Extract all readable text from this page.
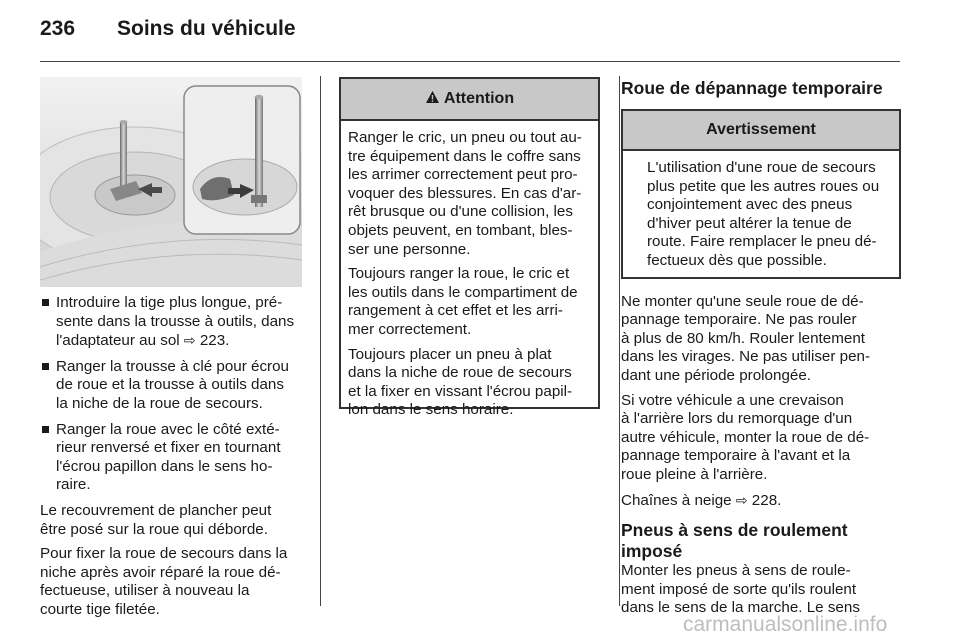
236 Soins du véhicule
Introduire la tige plus longue, pré-
sente dans la trousse à outils, dans
l'adaptateur au sol ⇨ 223.
Ranger la trousse à clé pour écrou
de roue et la trousse à outils dans
la niche de la roue de secours.
Ranger la roue avec le côté exté-
rieur renversé et fixer en tournant
l'écrou papillon dans le sens ho-
raire.

Le recouvrement de plancher peut
être posé sur la roue qui déborde.

Pour fixer la roue de secours dans la
niche après avoir réparé la roue dé-
fectueuse, utiliser à nouveau la
courte tige filetée.

Attention

Ranger le cric, un pneu ou tout au-
tre équipement dans le coffre sans
les arrimer correctement peut pro-
voquer des blessures. En cas d'ar-
rêt brusque ou d'une collision, les
objets peuvent, en tombant, bles-
ser une personne.

Toujours ranger la roue, le cric et
les outils dans le compartiment de
rangement à cet effet et les arri-
mer correctement.

Toujours placer un pneu à plat
dans la niche de roue de secours
et la fixer en vissant l'écrou papil-
lon dans le sens horaire.

Roue de dépannage temporaire
Avertissement
L'utilisation d'une roue de secours
plus petite que les autres roues ou
conjointement avec des pneus
d'hiver peut altérer la tenue de
route. Faire remplacer le pneu dé-
fectueux dès que possible.

Ne monter qu'une seule roue de dé-
pannage temporaire. Ne pas rouler
à plus de 80 km/h. Rouler lentement
dans les virages. Ne pas utiliser pen-
dant une période prolongée.

Si votre véhicule a une crevaison
à l'arrière lors du remorquage d'un
autre véhicule, monter la roue de dé-
pannage temporaire à l'avant et la
roue pleine à l'arrière.

Chaînes à neige ⇨ 228.

Pneus à sens de roulement
imposé

Monter les pneus à sens de roule-
ment imposé de sorte qu'ils roulent
dans le sens de la marche. Le sens

carmanualsonline.info
